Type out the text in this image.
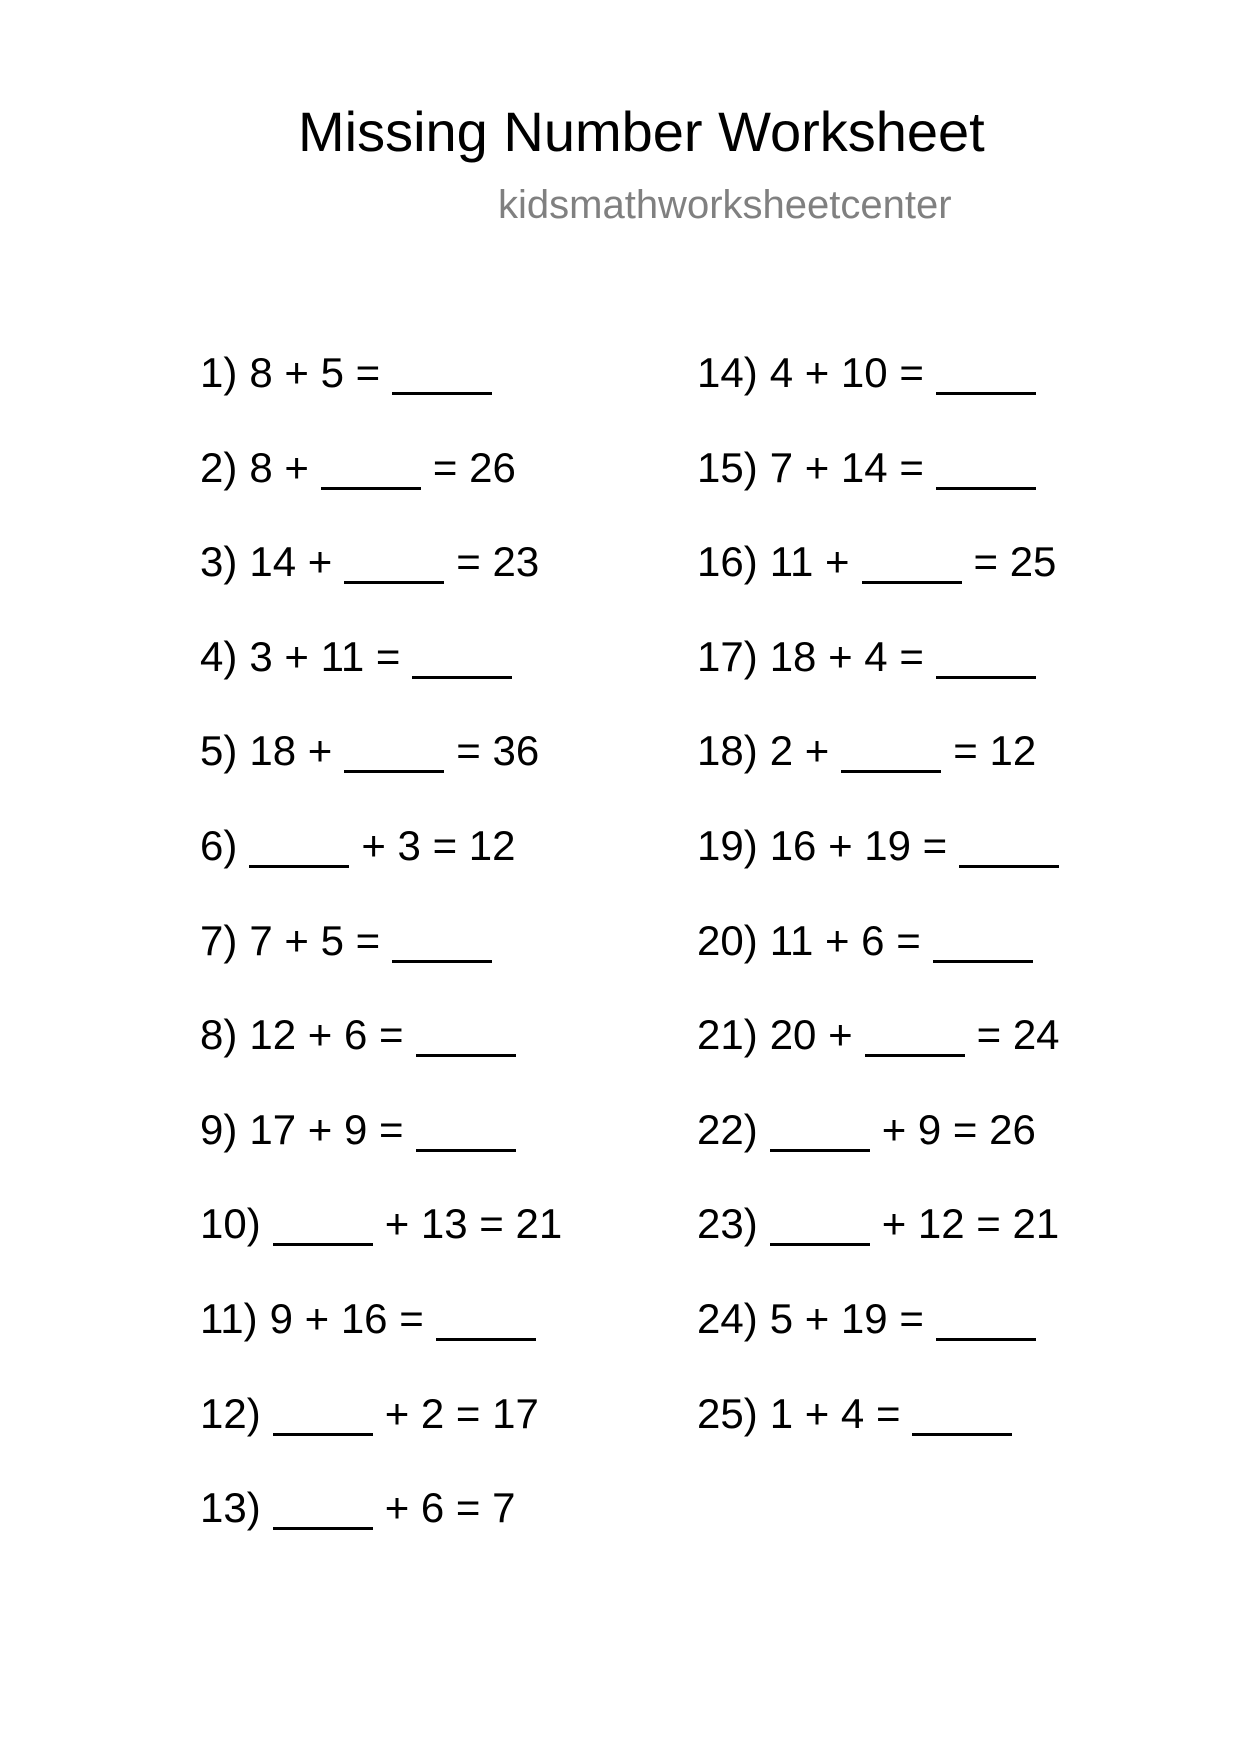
Missing Number Worksheet
kidsmathworksheetcenter
1) 8 + 5 =
2) 8 +	= 26
3) 14 +	= 23
4) 3 + 11 =
5) 18 +	= 36
6)	+ 3 = 12
7) 7 + 5 =
8) 12 + 6 =
9) 17 + 9 =
10)	+ 13 = 21
11) 9 + 16 =
12)	+ 2 = 17
13)	+ 6 = 7
14) 4 + 10 =
15) 7 + 14 =
16) 11 +	= 25
17) 18 + 4 =
18) 2 +	= 12
19) 16 + 19 =
20) 11 + 6 =
21) 20 +	= 24
22)	+ 9 = 26
23)	+ 12 = 21
24) 5 + 19 =
25) 1 + 4 =
